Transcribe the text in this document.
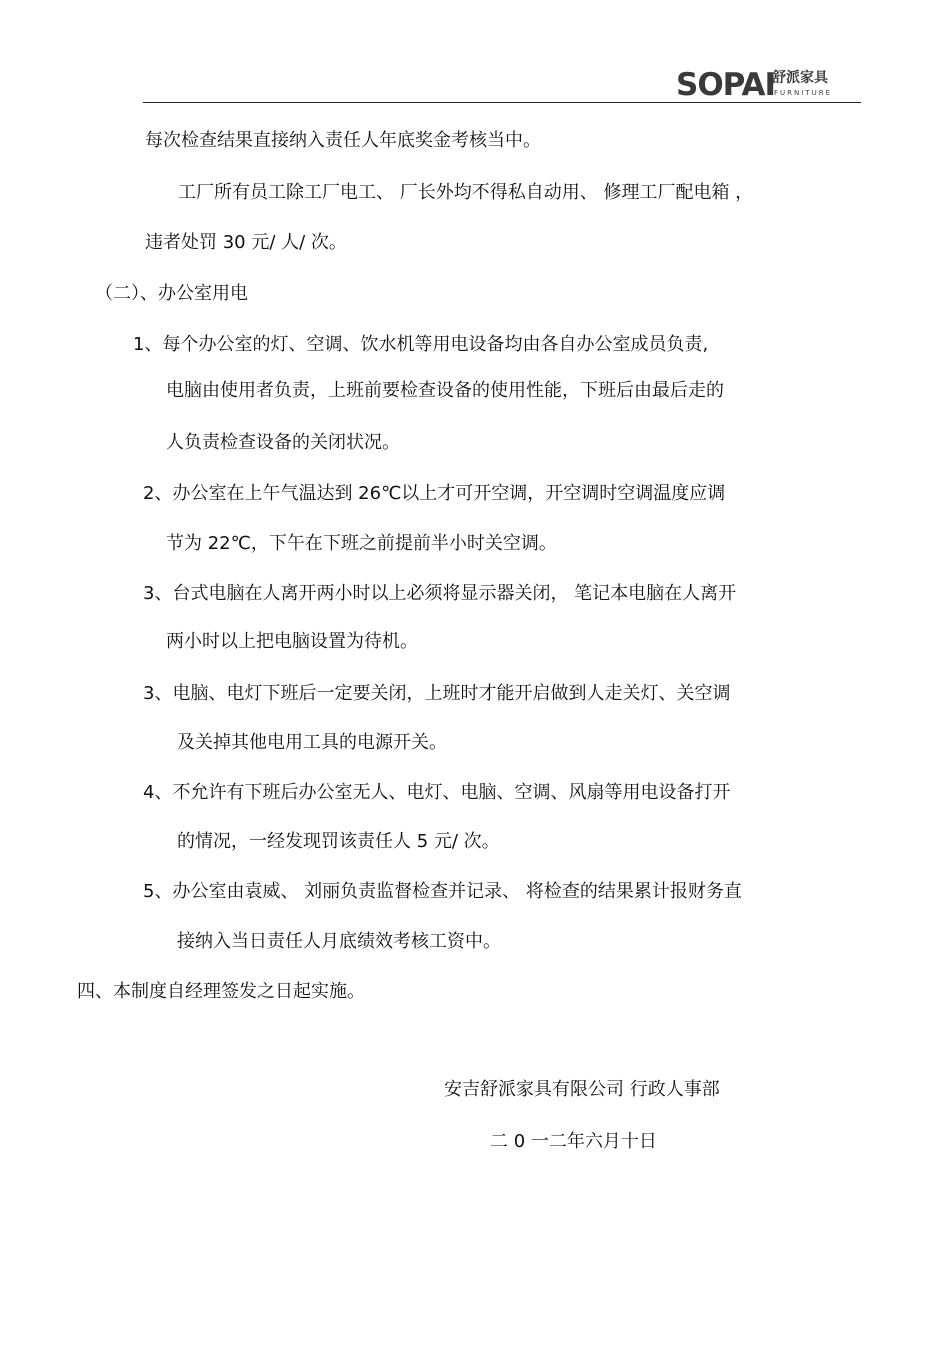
SOPAI
舒派家具
FURNITURE
每次检查结果直接纳入责任人年底奖金考核当中。
工厂所有员工除工厂电工、 厂长外均不得私自动用、 修理工厂配电箱 ，
违者处罚 30 元/ 人/ 次。
（二）、办公室用电
1、每个办公室的灯、空调、饮水机等用电设备均由各自办公室成员负责,
电脑由使用者负责，上班前要检查设备的使用性能，下班后由最后走的
人负责检查设备的关闭状况。
2、办公室在上午气温达到 26℃以上才可开空调，开空调时空调温度应调
节为 22℃，下午在下班之前提前半小时关空调。
3、台式电脑在人离开两小时以上必须将显示器关闭， 笔记本电脑在人离开
两小时以上把电脑设置为待机。
3、电脑、电灯下班后一定要关闭，上班时才能开启做到人走关灯、关空调
及关掉其他电用工具的电源开关。
4、不允许有下班后办公室无人、电灯、电脑、空调、风扇等用电设备打开
的情况，一经发现罚该责任人 5 元/ 次。
5、办公室由袁威、 刘丽负责监督检查并记录、 将检查的结果累计报财务直
接纳入当日责任人月底绩效考核工资中。
四、本制度自经理签发之日起实施。
安吉舒派家具有限公司 行政人事部
二 0 一二年六月十日
